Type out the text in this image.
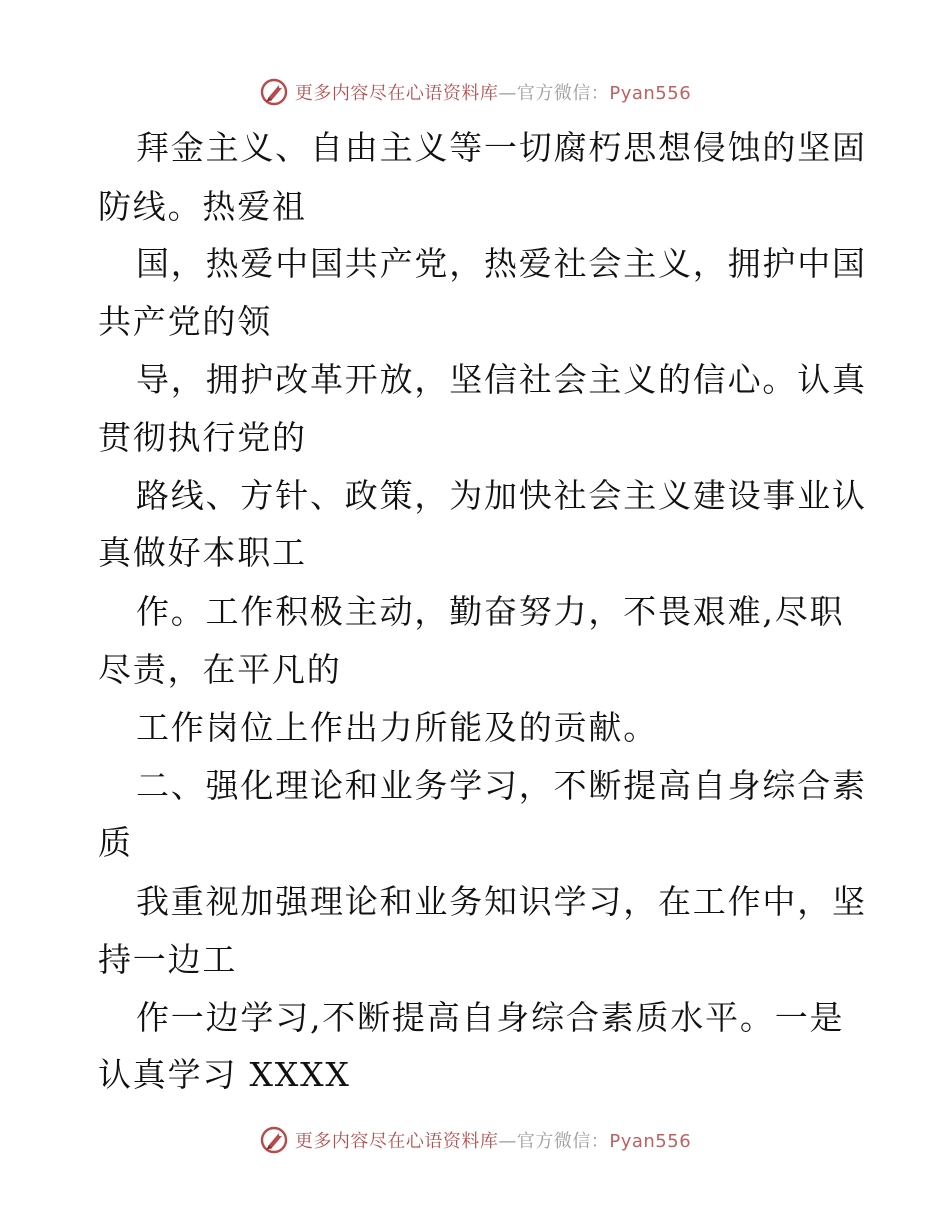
更多内容尽在心语资料库—官方微信：Pyan556
拜金主义、自由主义等一切腐朽思想侵蚀的坚固
防线。热爱祖
国，热爱中国共产党，热爱社会主义，拥护中国
共产党的领
导，拥护改革开放，坚信社会主义的信心。认真
贯彻执行党的
路线、方针、政策，为加快社会主义建设事业认
真做好本职工
作。工作积极主动，勤奋努力，不畏艰难,尽职
尽责，在平凡的
工作岗位上作出力所能及的贡献。
二、强化理论和业务学习，不断提高自身综合素
质
我重视加强理论和业务知识学习，在工作中，坚
持一边工
作一边学习,不断提高自身综合素质水平。一是
认真学习 XXXX
更多内容尽在心语资料库—官方微信：Pyan556
